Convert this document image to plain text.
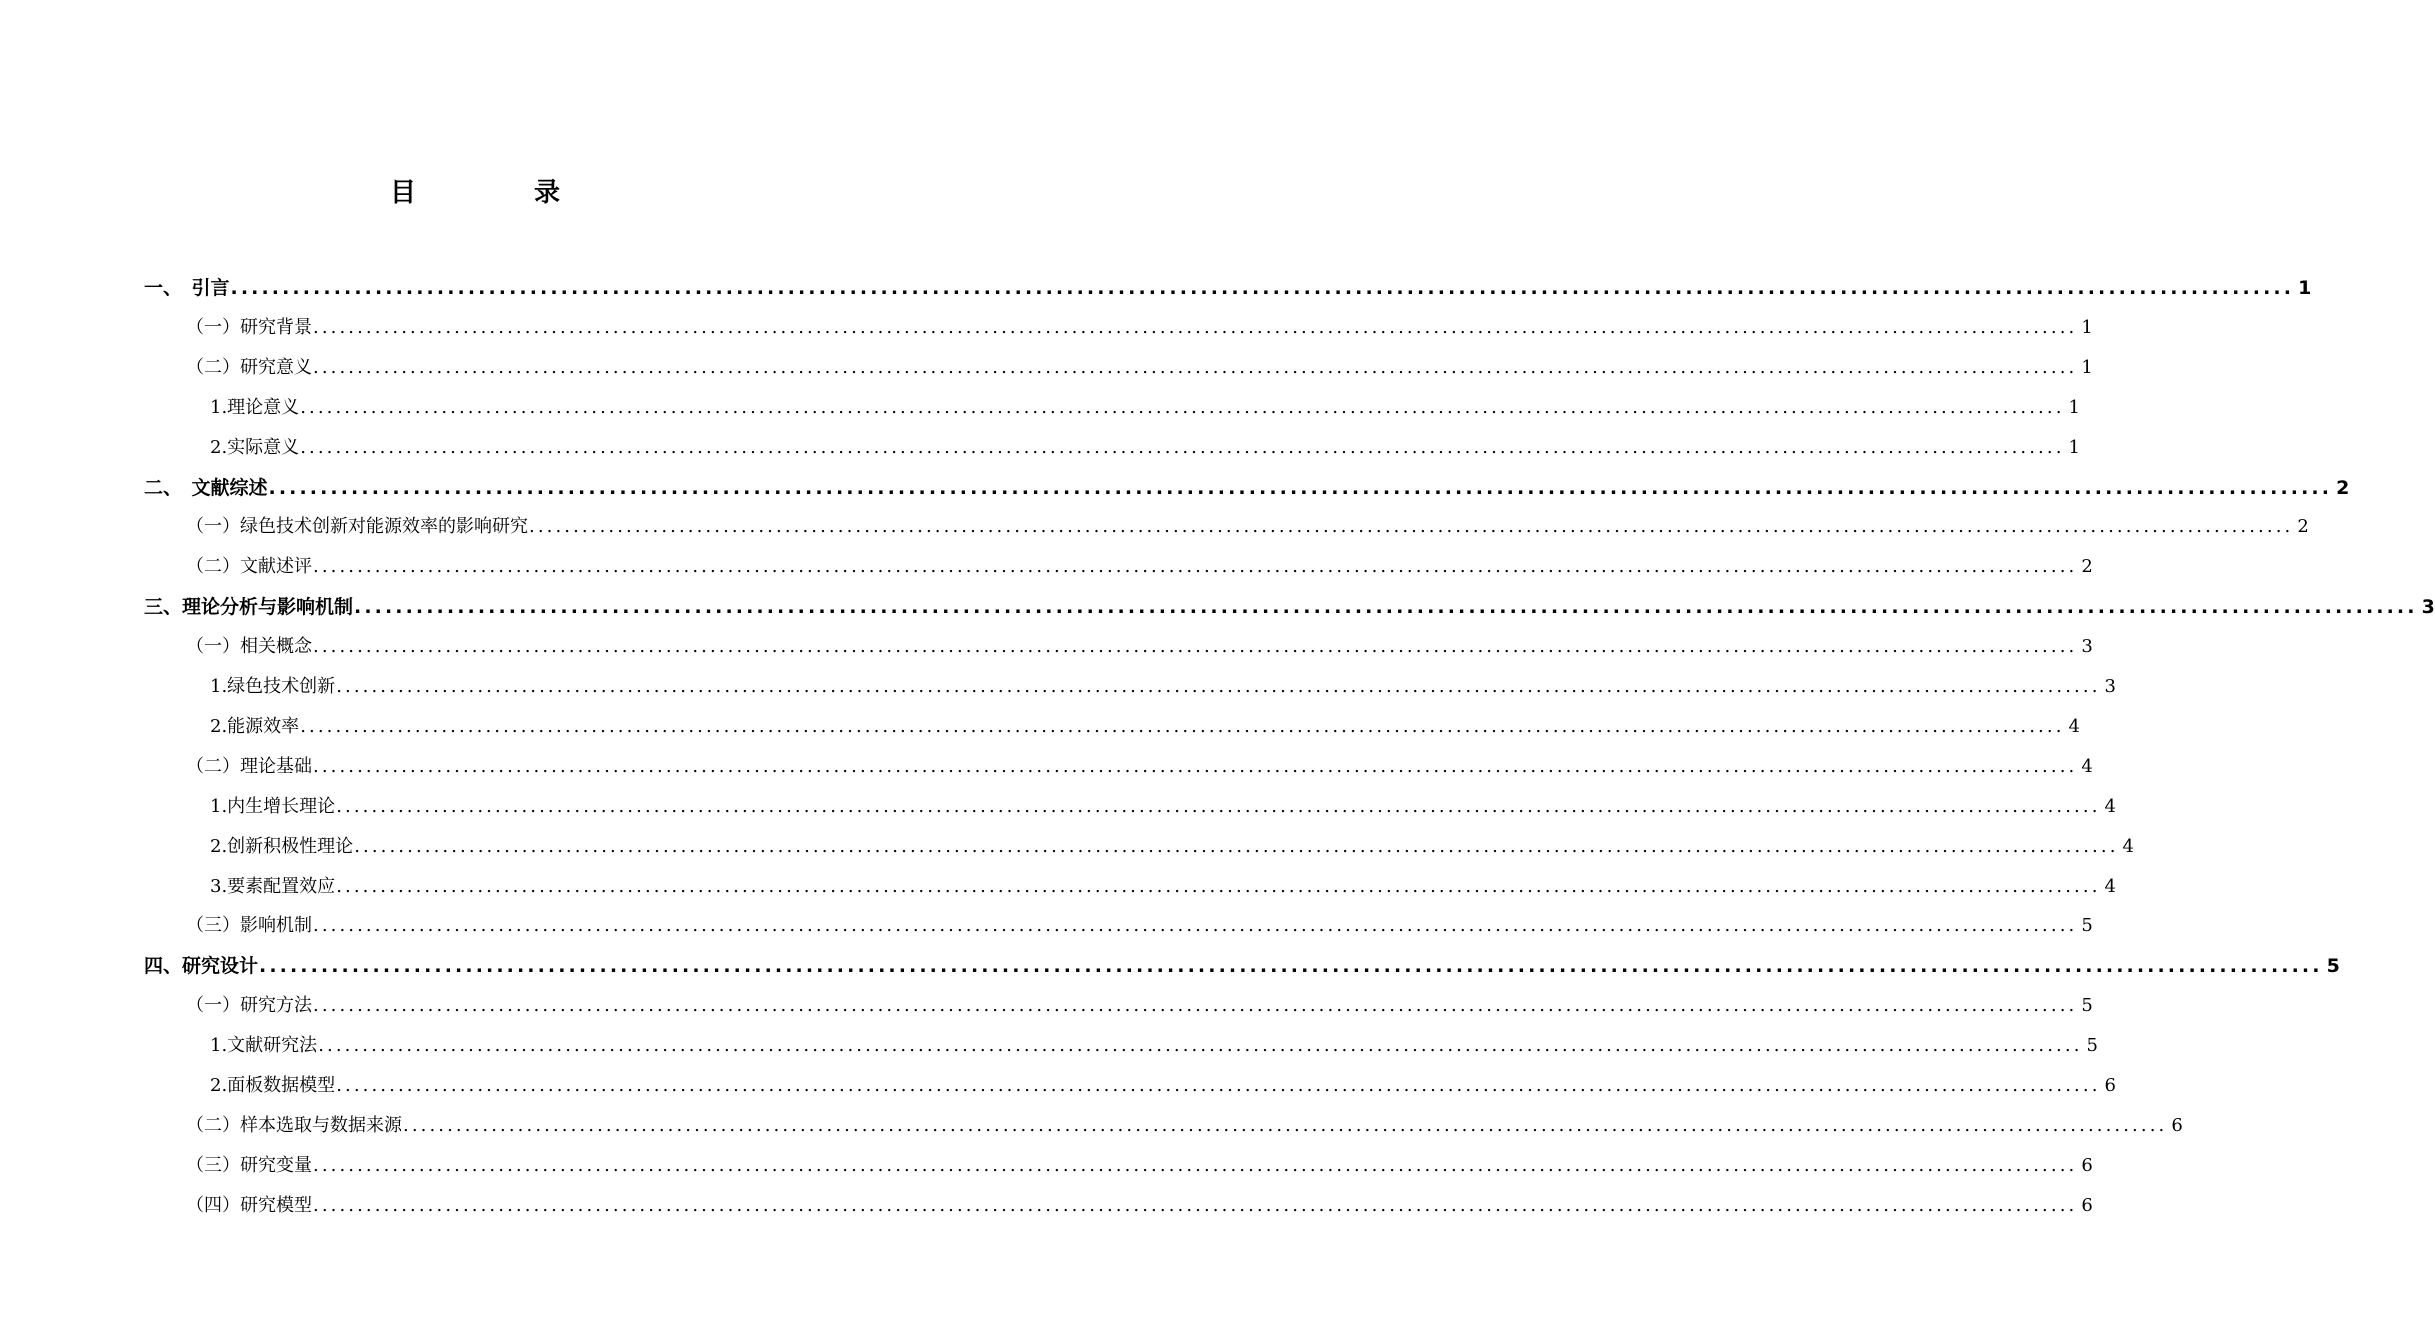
目　录
一、　引言 ........................................................................................................................................................................................................ 1
（一）研究背景 ........................................................................................................................................................................................................ 1
（二）研究意义 ........................................................................................................................................................................................................ 1
1.理论意义 ........................................................................................................................................................................................................ 1
2.实际意义 ........................................................................................................................................................................................................ 1
二、　文献综述 ........................................................................................................................................................................................................ 2
（一）绿色技术创新对能源效率的影响研究 ........................................................................................................................................................................................................ 2
（二）文献述评 ........................................................................................................................................................................................................ 2
三、理论分析与影响机制 ........................................................................................................................................................................................................ 3
（一）相关概念 ........................................................................................................................................................................................................ 3
1.绿色技术创新 ........................................................................................................................................................................................................ 3
2.能源效率 ........................................................................................................................................................................................................ 4
（二）理论基础 ........................................................................................................................................................................................................ 4
1.内生增长理论 ........................................................................................................................................................................................................ 4
2.创新积极性理论 ........................................................................................................................................................................................................ 4
3.要素配置效应 ........................................................................................................................................................................................................ 4
（三）影响机制 ........................................................................................................................................................................................................ 5
四、研究设计 ........................................................................................................................................................................................................ 5
（一）研究方法 ........................................................................................................................................................................................................ 5
1.文献研究法 ........................................................................................................................................................................................................ 5
2.面板数据模型 ........................................................................................................................................................................................................ 6
（二）样本选取与数据来源 ........................................................................................................................................................................................................ 6
（三）研究变量 ........................................................................................................................................................................................................ 6
（四）研究模型 ........................................................................................................................................................................................................ 6
